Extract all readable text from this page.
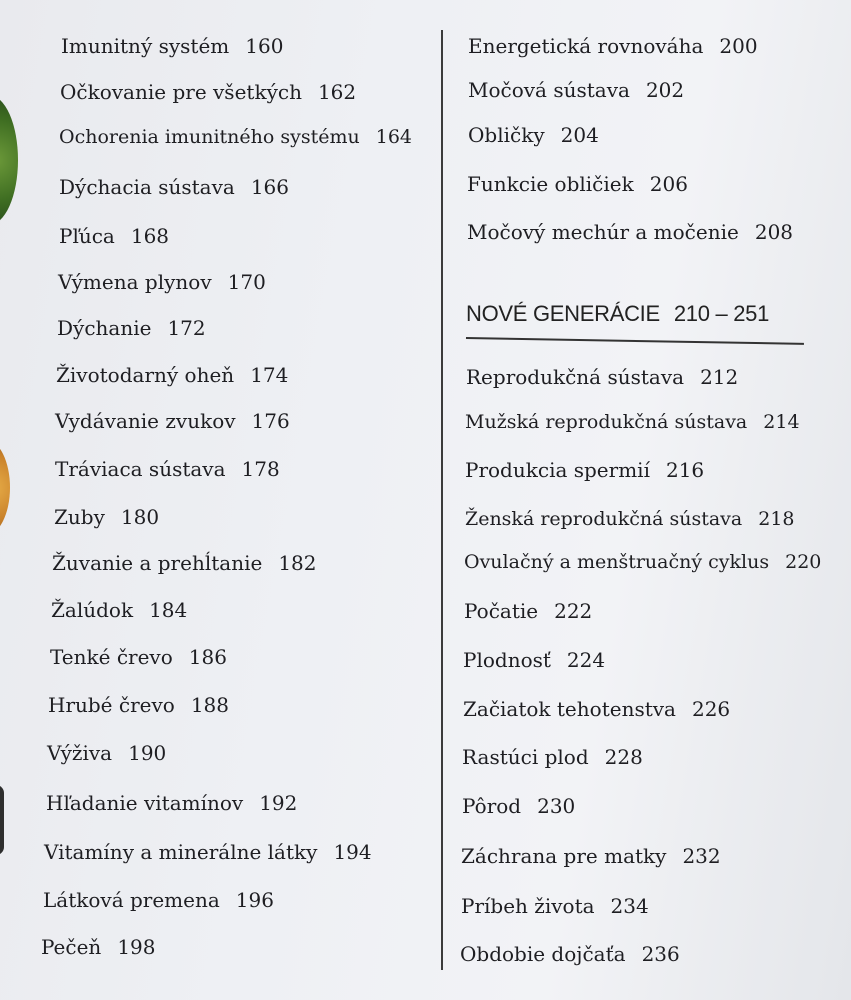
Imunitný systém 160
Očkovanie pre všetkých 162
Ochorenia imunitného systému 164
Dýchacia sústava 166
Pľúca 168
Výmena plynov 170
Dýchanie 172
Životodarný oheň 174
Vydávanie zvukov 176
Tráviaca sústava 178
Zuby 180
Žuvanie a prehĺtanie 182
Žalúdok 184
Tenké črevo 186
Hrubé črevo 188
Výživa 190
Hľadanie vitamínov 192
Vitamíny a minerálne látky 194
Látková premena 196
Pečeň 198
Energetická rovnováha 200
Močová sústava 202
Obličky 204
Funkcie obličiek 206
Močový mechúr a močenie 208
NOVÉ GENERÁCIE 210 – 251
Reprodukčná sústava 212
Mužská reprodukčná sústava 214
Produkcia spermií 216
Ženská reprodukčná sústava 218
Ovulačný a menštruačný cyklus 220
Počatie 222
Plodnosť 224
Začiatok tehotenstva 226
Rastúci plod 228
Pôrod 230
Záchrana pre matky 232
Príbeh života 234
Obdobie dojčaťa 236
